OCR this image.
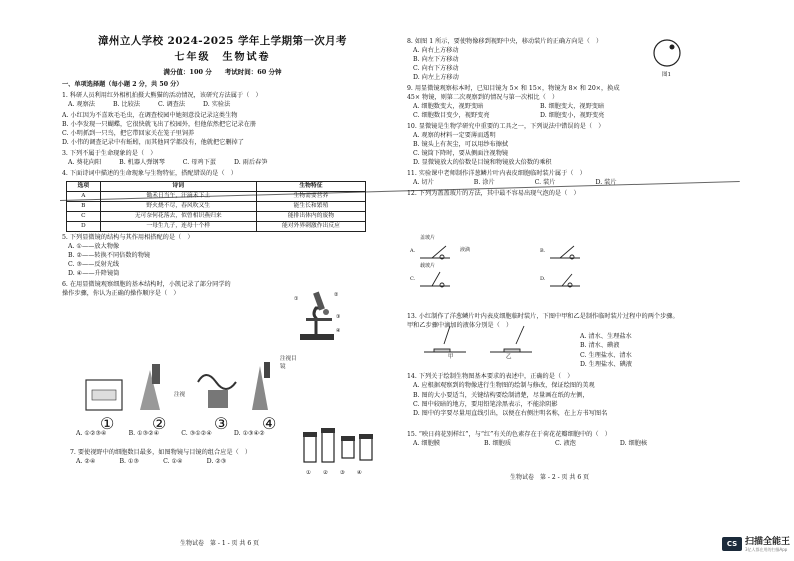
漳州立人学校 2024-2025 学年上学期第一次月考
七年级　生物试卷
满分值：100 分　　考试时间：60 分钟
一、单项选择题（每小题 2 分，共 50 分）
1. 科研人员利用红外相机拍摄大熊猫的活动情况，该研究方法属于（　）
A. 观察法	B. 比较法	C. 调查法	D. 实验法
A. 小红因为不喜欢毛毛虫，在调查校园中她刻意没记录这类生物
B. 小李发现一只蝴蝶，它很快就飞出了校园外，但他依然把它记录在册
C. 小明抓到一只鸟，把它带回家关在笼子里饲养
D. 小伟的调查记录中有蚯蚓，而其他同学都没有，他就把它删掉了
3. 下列不属于生命现象的是（　）
A. 葵花向阳	B. 机器人弹钢琴	C. 母鸡下蛋	D. 雨后春笋
4. 下面诗词中描述的生命现象与生物特征，搭配错误的是（　）
选项	诗词	生物特征
A	锄禾日当午，汗滴禾下土	生物需要营养
B	野火烧不尽，春风吹又生	能生长和繁殖
C	无可奈何花落去，似曾相识燕归来	能排出体内的废物
D	一母生九子，连母十个样	能对外界刺激作出反应
5. 下列显微镜的结构与其作用相搭配的是（　）
A. ①——放大物像
B. ②——转换不同倍数的物镜
C. ③——反射光线
D. ④——升降镜筒
6. 在用显微镜观察细胞的基本结构时，小凯记录了部分同学的
操作步骤，你认为正确的操作顺序是（　）
①
②
③
④
注视目镜
注视
① ②	③ ④
A. ①②③④	B. ①③②④	C. ③①②④	D. ①③④②
7. 要使视野中的细胞数目最多，如图物镜与目镜的组合应是（　）
A. ②④	B. ①③	C. ①④	D. ②③
① ② ③ ④
生物试卷　第 - 1 - 页 共 6 页
8. 如图 1 所示，要使物像移到视野中央，移动装片的正确方向是（　）
A. 向右上方移动
B. 向左下方移动
C. 向右下方移动
D. 向左上方移动
9. 用显微镜观察标本时，已知目镜为 5× 和 15×，物镜为 8× 和 20×，换成
45× 物镜，则第二次观察到的情况与第一次相比（　）
A. 细胞数变大，视野变暗	B. 细胞变大，视野变暗
C. 细胞数目变少，视野变亮	D. 细胞变小，视野变亮
10. 显微镜是生物学研究中重要的工具之一，下列说法中错误的是（　）
A. 观察的材料一定要薄而透明
B. 镜头上有灰尘，可以用纱布擦拭
C. 镜筒下降时，要从侧面注视物镜
D. 显微镜放大的倍数是目镜和物镜放大倍数的乘积
11. 实验课中老师制作洋葱鳞片叶内表皮细胞临时装片属于（　）
A. 切片	B. 涂片	C. 装片	D. 装片
12. 下列为盖盖玻片的方法，其中最不容易出现气泡的是（　）
图1
盖玻片
液滴
载玻片
A.	B.
C.	D.
13. 小红制作了洋葱鳞片叶内表皮细胞临时装片，下图中甲和乙是制作临时装片过程中的两个步骤。
甲和乙步骤中滴加的液体分别是（　）
甲	乙
A. 清水、生理盐水
B. 清水、碘液
C. 生理盐水、清水
D. 生理盐水、碘液
14. 下列关于绘制生物图基本要求的表述中，正确的是（　）
A. 应根据观察到的物像进行生物图的绘制与修改，保证绘图的美观
B. 图的大小要适当，关键结构要绘制清楚，尽量画在纸的左侧，
C. 图中较暗的地方，要用铅笔涂黑表示，不能涂阴影
D. 图中的字要尽量用直线引出，以便在右侧注明名称，在上方书写图名
15. “映日荷花别样红”，与“红”有关的色素存在于荷花花瓣细胞中的（　）
A. 细胞膜	B. 细胞质	C. 液泡	D. 细胞核
生物试卷　第 - 2 - 页 共 6 页
CS 扫描全能王
3亿人都在用的扫描App
